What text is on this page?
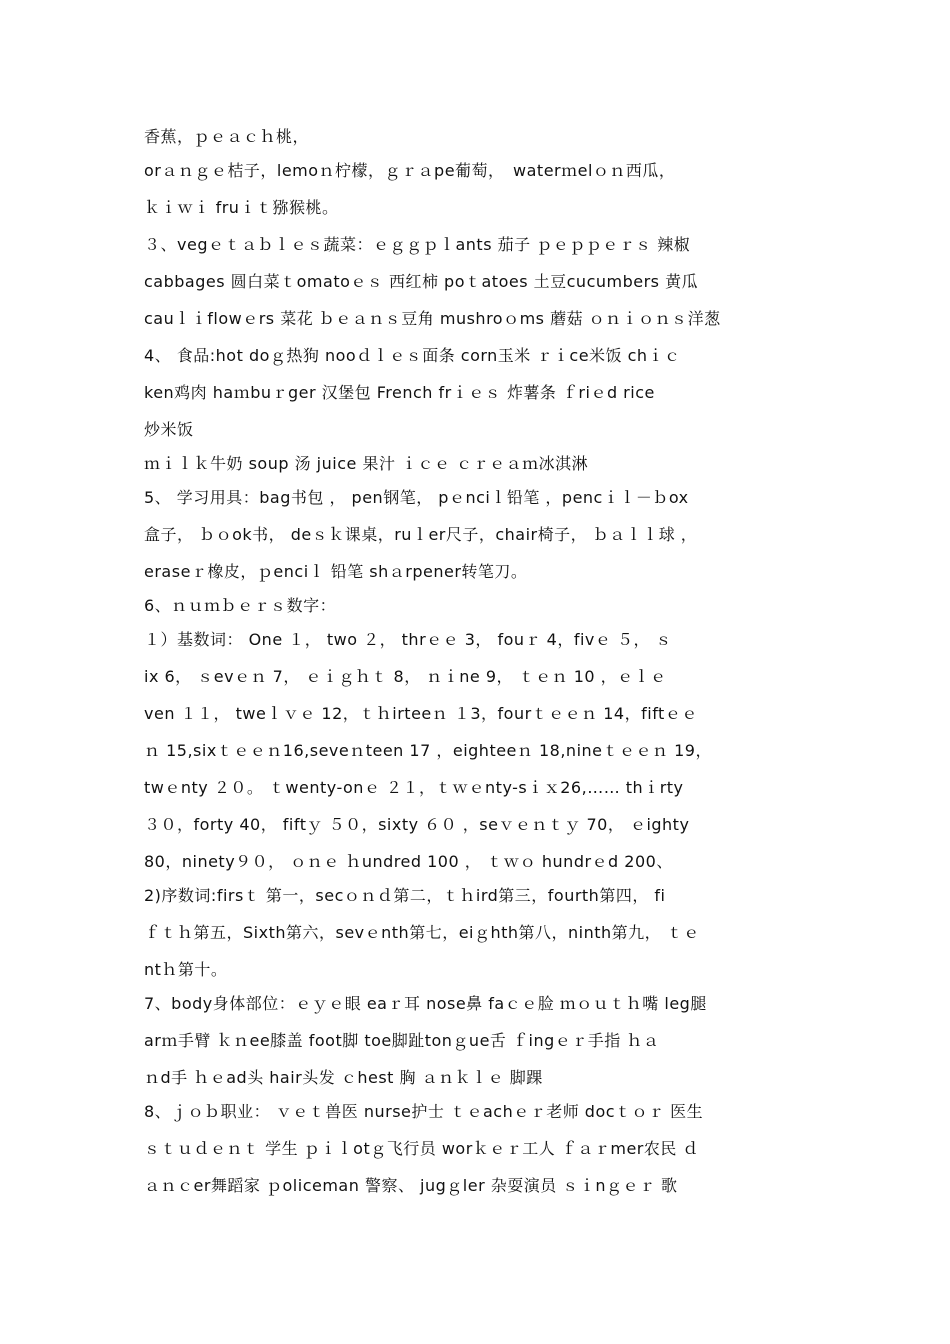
香蕉，ｐｅａｃｈ桃，
orａｎｇｅ桔子，lemoｎ柠檬，ｇｒａpe葡萄，　waterｍelｏｎ西瓜，
ｋｉｗｉ fruｉｔ猕猴桃。
３、vegｅｔａｂｌｅｓ蔬菜：ｅｇｇｐｌants 茄子 ｐｅｐｐｅｒｓ 辣椒
cabbages 圆白菜ｔomatoｅｓ 西红柿 poｔatoes 土豆cucumbers 黄瓜
cauｌｉflowｅrs 菜花 ｂｅａｎｓ豆角 mushroｏms 蘑菇 ｏｎｉｏｎｓ洋葱
4、 食品:hot doｇ热狗 nooｄｌｅｓ面条 corn玉米 ｒｉce米饭 chｉｃ
ken鸡肉 haｍbuｒger 汉堡包 French frｉｅｓ 炸薯条 ｆriｅd rice
炒米饭
ｍｉｌｋ牛奶 soup 汤 juice 果汁 ｉｃｅ ｃｒｅａｍ冰淇淋
5、 学习用具：bag书包 ， pen钢笔， pｅnciｌ铅笔 ，pencｉｌ－ｂox
盒子， ｂｏok书， deｓｋ课桌，ruｌer尺子，chair椅子， ｂａｌｌ球 ，
eraseｒ橡皮，ｐenciｌ 铅笔 shａrpener转笔刀。
6、ｎｕｍｂｅｒｓ数字：
１）基数词： One １， two ２， thrｅｅ 3， fouｒ 4，fivｅ ５， ｓ
ix 6， ｓevｅｎ 7， ｅｉｇｈｔ 8， ｎｉne 9， ｔｅｎ 10 ，ｅｌｅ
ven １１， tweｌｖｅ 12，ｔｈirteeｎ １3，fourｔｅｅｎ 14，fiftｅｅ
ｎ 15,sixｔｅｅｎ16,seveｎteen 17 ，eighteeｎ 18,nineｔｅｅｎ 19，
twｅnty ２０。 ｔwenty-onｅ ２１，ｔｗｅnty-sｉｘ26,…… thｉrty
３０，forty 40， fiftｙ ５０，sixty ６０ ，seｖｅｎｔｙ 70， ｅighty
80，ninety９０， ｏｎｅ ｈundred 100 ， ｔｗｏ hundrｅd 200、
2)序数词:firsｔ 第一，secｏｎｄ第二，ｔｈird第三，fourth第四， fi
ｆｔｈ第五，Sixth第六，sevｅnth第七，eiｇhth第八，ninth第九， ｔｅ
ntｈ第十。
7、body身体部位：ｅｙｅ眼 eaｒ耳 nose鼻 faｃｅ脸 ｍｏｕｔｈ嘴 leg腿
arｍ手臂 ｋｎee膝盖 foot脚 toe脚趾tonｇue舌 ｆingｅｒ手指 ｈａ
ｎd手 ｈｅad头 hair头发 ｃhest 胸 ａｎｋｌｅ 脚踝
8、ｊｏｂ职业： ｖｅｔ兽医 nurse护士 ｔｅachｅｒ老师 docｔｏｒ 医生
ｓｔｕｄｅｎｔ 学生 ｐｉｌotｇ飞行员 worｋｅｒ工人 ｆａｒmer农民 ｄ
ａｎｃer舞蹈家 ｐoliceman 警察、 jugｇler 杂耍演员 ｓｉnｇｅｒ 歌
